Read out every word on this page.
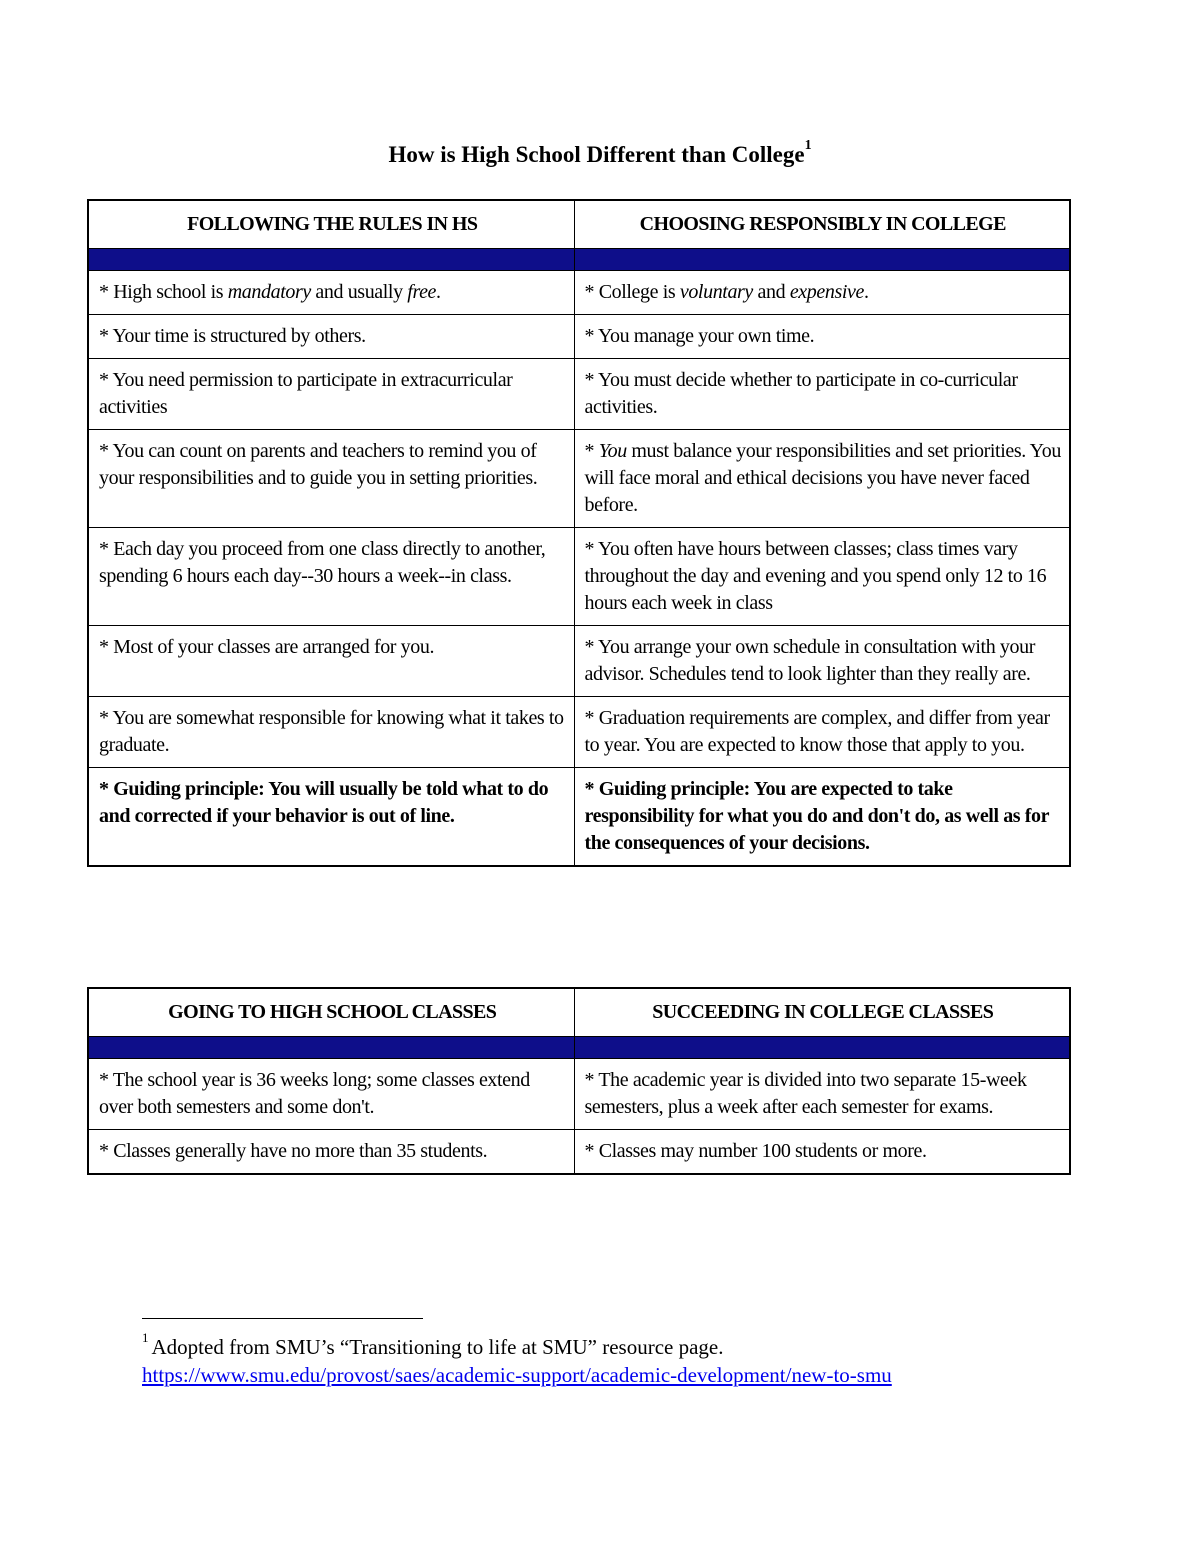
How is High School Different than College$^1$
FOLLOWING THE RULES IN HS	CHOOSING RESPONSIBLY IN COLLEGE

* High school is mandatory and usually free.	* College is voluntary and expensive.
* Your time is structured by others.	* You manage your own time.
* You need permission to participate in extracurricular activities	* You must decide whether to participate in co-curricular activities.
* You can count on parents and teachers to remind you of your responsibilities and to guide you in setting priorities.	* You must balance your responsibilities and set priorities. You will face moral and ethical decisions you have never faced before.
* Each day you proceed from one class directly to another, spending 6 hours each day--30 hours a week--in class.	* You often have hours between classes; class times vary throughout the day and evening and you spend only 12 to 16 hours each week in class
* Most of your classes are arranged for you.	* You arrange your own schedule in consultation with your advisor. Schedules tend to look lighter than they really are.
* You are somewhat responsible for knowing what it takes to graduate.	* Graduation requirements are complex, and differ from year to year. You are expected to know those that apply to you.
* Guiding principle: You will usually be told what to do and corrected if your behavior is out of line.	* Guiding principle: You are expected to take responsibility for what you do and don't do, as well as for the consequences of your decisions.
GOING TO HIGH SCHOOL CLASSES	SUCCEEDING IN COLLEGE CLASSES

* The school year is 36 weeks long; some classes extend over both semesters and some don't.	* The academic year is divided into two separate 15-week semesters, plus a week after each semester for exams.
* Classes generally have no more than 35 students.	* Classes may number 100 students or more.
$^1$ Adopted from SMU’s “Transitioning to life at SMU” resource page.
https://www.smu.edu/provost/saes/academic-support/academic-development/new-to-smu
